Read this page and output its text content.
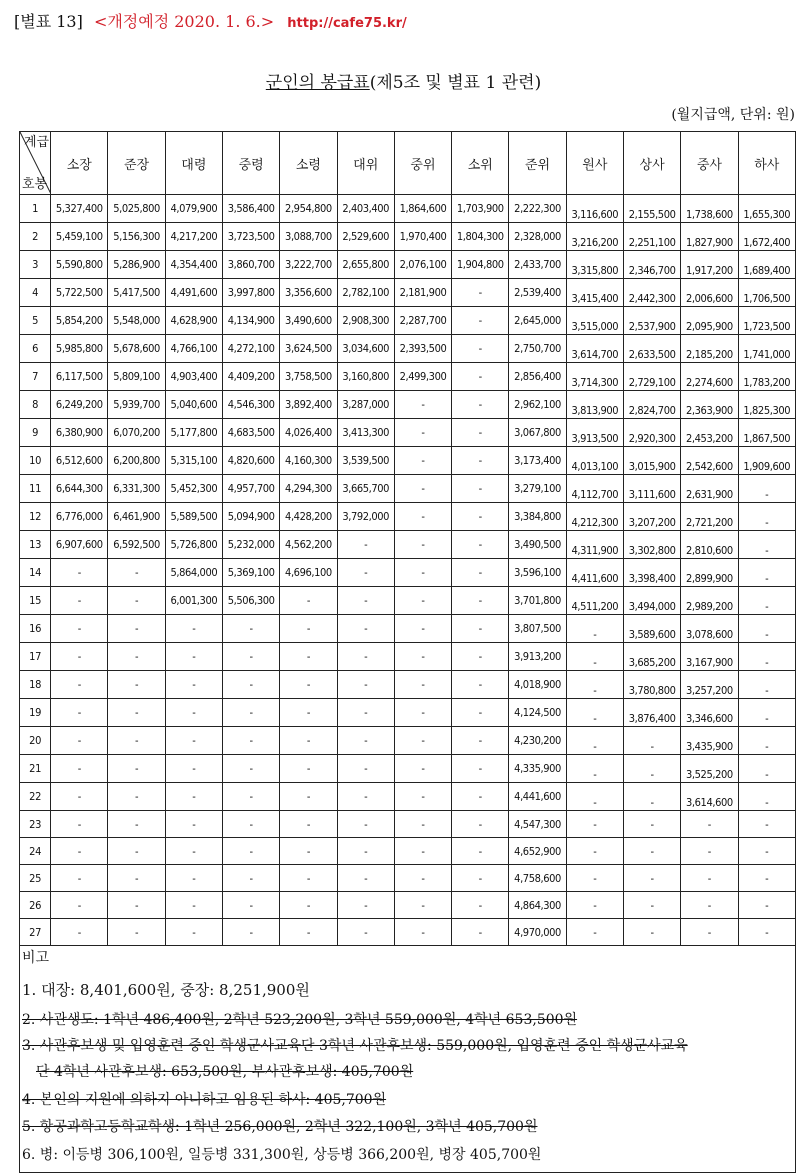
[별표 13] <개정예정 2020. 1. 6.> http://cafe75.kr/
군인의 봉급표(제5조 및 별표 1 관련)
(월지급액, 단위: 원)
계급
호봉	소장	준장	대령	중령	소령	대위	중위	소위	준위	원사	상사	중사	하사
1	5,327,400	5,025,800	4,079,900	3,586,400	2,954,800	2,403,400	1,864,600	1,703,900	2,222,300	3,116,600	2,155,500	1,738,600	1,655,300
2	5,459,100	5,156,300	4,217,200	3,723,500	3,088,700	2,529,600	1,970,400	1,804,300	2,328,000	3,216,200	2,251,100	1,827,900	1,672,400
3	5,590,800	5,286,900	4,354,400	3,860,700	3,222,700	2,655,800	2,076,100	1,904,800	2,433,700	3,315,800	2,346,700	1,917,200	1,689,400
4	5,722,500	5,417,500	4,491,600	3,997,800	3,356,600	2,782,100	2,181,900	-	2,539,400	3,415,400	2,442,300	2,006,600	1,706,500
5	5,854,200	5,548,000	4,628,900	4,134,900	3,490,600	2,908,300	2,287,700	-	2,645,000	3,515,000	2,537,900	2,095,900	1,723,500
6	5,985,800	5,678,600	4,766,100	4,272,100	3,624,500	3,034,600	2,393,500	-	2,750,700	3,614,700	2,633,500	2,185,200	1,741,000
7	6,117,500	5,809,100	4,903,400	4,409,200	3,758,500	3,160,800	2,499,300	-	2,856,400	3,714,300	2,729,100	2,274,600	1,783,200
8	6,249,200	5,939,700	5,040,600	4,546,300	3,892,400	3,287,000	-	-	2,962,100	3,813,900	2,824,700	2,363,900	1,825,300
9	6,380,900	6,070,200	5,177,800	4,683,500	4,026,400	3,413,300	-	-	3,067,800	3,913,500	2,920,300	2,453,200	1,867,500
10	6,512,600	6,200,800	5,315,100	4,820,600	4,160,300	3,539,500	-	-	3,173,400	4,013,100	3,015,900	2,542,600	1,909,600
11	6,644,300	6,331,300	5,452,300	4,957,700	4,294,300	3,665,700	-	-	3,279,100	4,112,700	3,111,600	2,631,900	-
12	6,776,000	6,461,900	5,589,500	5,094,900	4,428,200	3,792,000	-	-	3,384,800	4,212,300	3,207,200	2,721,200	-
13	6,907,600	6,592,500	5,726,800	5,232,000	4,562,200	-	-	-	3,490,500	4,311,900	3,302,800	2,810,600	-
14	-	-	5,864,000	5,369,100	4,696,100	-	-	-	3,596,100	4,411,600	3,398,400	2,899,900	-
15	-	-	6,001,300	5,506,300	-	-	-	-	3,701,800	4,511,200	3,494,000	2,989,200	-
16	-	-	-	-	-	-	-	-	3,807,500	-	3,589,600	3,078,600	-
17	-	-	-	-	-	-	-	-	3,913,200	-	3,685,200	3,167,900	-
18	-	-	-	-	-	-	-	-	4,018,900	-	3,780,800	3,257,200	-
19	-	-	-	-	-	-	-	-	4,124,500	-	3,876,400	3,346,600	-
20	-	-	-	-	-	-	-	-	4,230,200	-	-	3,435,900	-
21	-	-	-	-	-	-	-	-	4,335,900	-	-	3,525,200	-
22	-	-	-	-	-	-	-	-	4,441,600	-	-	3,614,600	-
23	-	-	-	-	-	-	-	-	4,547,300	-	-	-	-
24	-	-	-	-	-	-	-	-	4,652,900	-	-	-	-
25	-	-	-	-	-	-	-	-	4,758,600	-	-	-	-
26	-	-	-	-	-	-	-	-	4,864,300	-	-	-	-
27	-	-	-	-	-	-	-	-	4,970,000	-	-	-	-
비고
1. 대장: 8,401,600원, 중장: 8,251,900원
2. 사관생도: 1학년 486,400원, 2학년 523,200원, 3학년 559,000원, 4학년 653,500원
3. 사관후보생 및 입영훈련 중인 학생군사교육단 3학년 사관후보생: 559,000원, 입영훈련 중인 학생군사교육
단 4학년 사관후보생: 653,500원, 부사관후보생: 405,700원
4. 본인의 지원에 의하지 아니하고 임용된 하사: 405,700원
5. 항공과학고등학교학생: 1학년 256,000원, 2학년 322,100원, 3학년 405,700원
6. 병: 이등병 306,100원, 일등병 331,300원, 상등병 366,200원, 병장 405,700원
